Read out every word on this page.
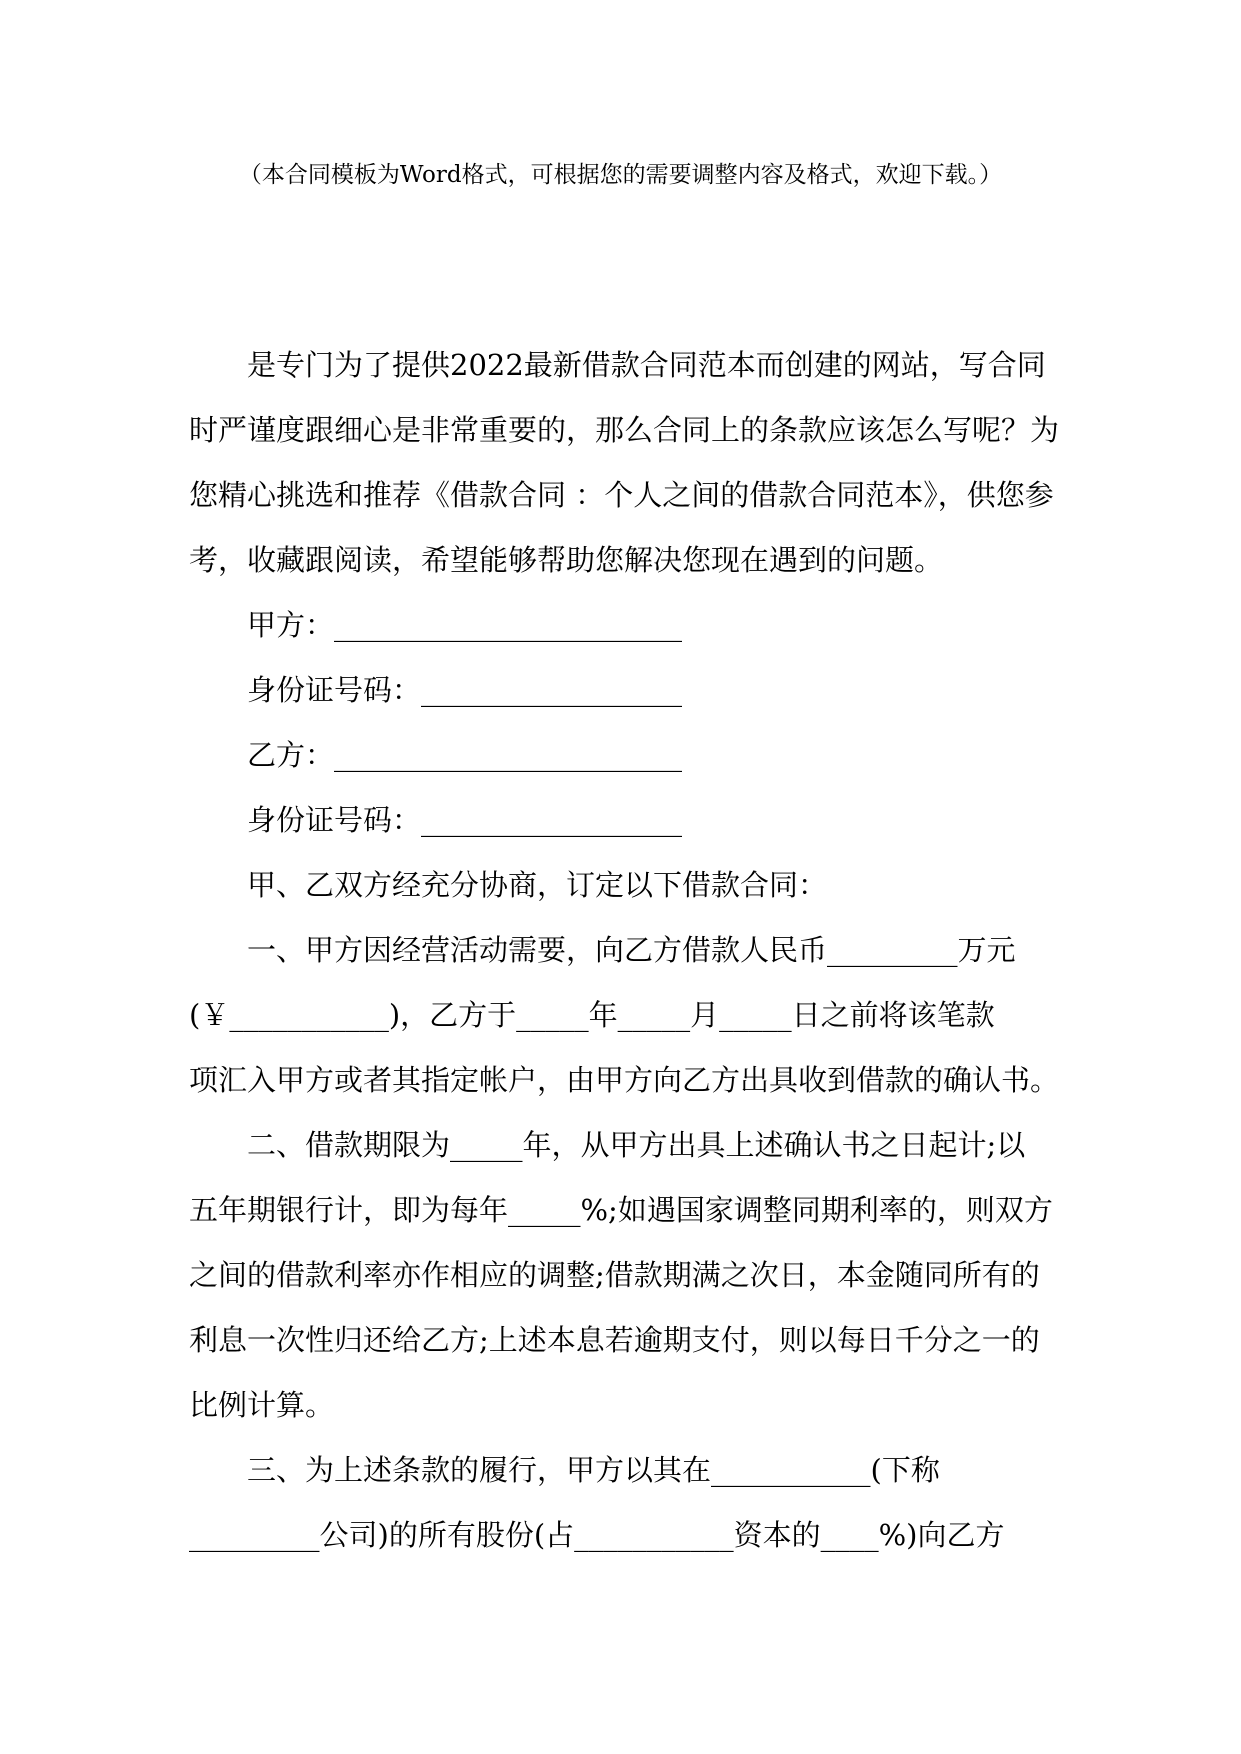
（本合同模板为Word格式，可根据您的需要调整内容及格式，欢迎下载。）

是专门为了提供2022最新借款合同范本而创建的网站，写合同时严谨度跟细心是非常重要的，那么合同上的条款应该怎么写呢？为您精心挑选和推荐《借款合同 ：个人之间的借款合同范本》，供您参考，收藏跟阅读，希望能够帮助您解决您现在遇到的问题。

甲方：________________________
身份证号码：__________________
乙方：________________________
身份证号码：__________________
甲、乙双方经充分协商，订定以下借款合同：
一、甲方因经营活动需要，向乙方借款人民币_________万元
(￥___________)，乙方于_____年_____月_____日之前将该笔款
项汇入甲方或者其指定帐户，由甲方向乙方出具收到借款的确认书。
二、借款期限为_____年，从甲方出具上述确认书之日起计;以
五年期银行计，即为每年_____%;如遇国家调整同期利率的，则双方
之间的借款利率亦作相应的调整;借款期满之次日，本金随同所有的
利息一次性归还给乙方;上述本息若逾期支付，则以每日千分之一的
比例计算。
三、为上述条款的履行，甲方以其在___________(下称
_________公司)的所有股份(占___________资本的____%)向乙方
